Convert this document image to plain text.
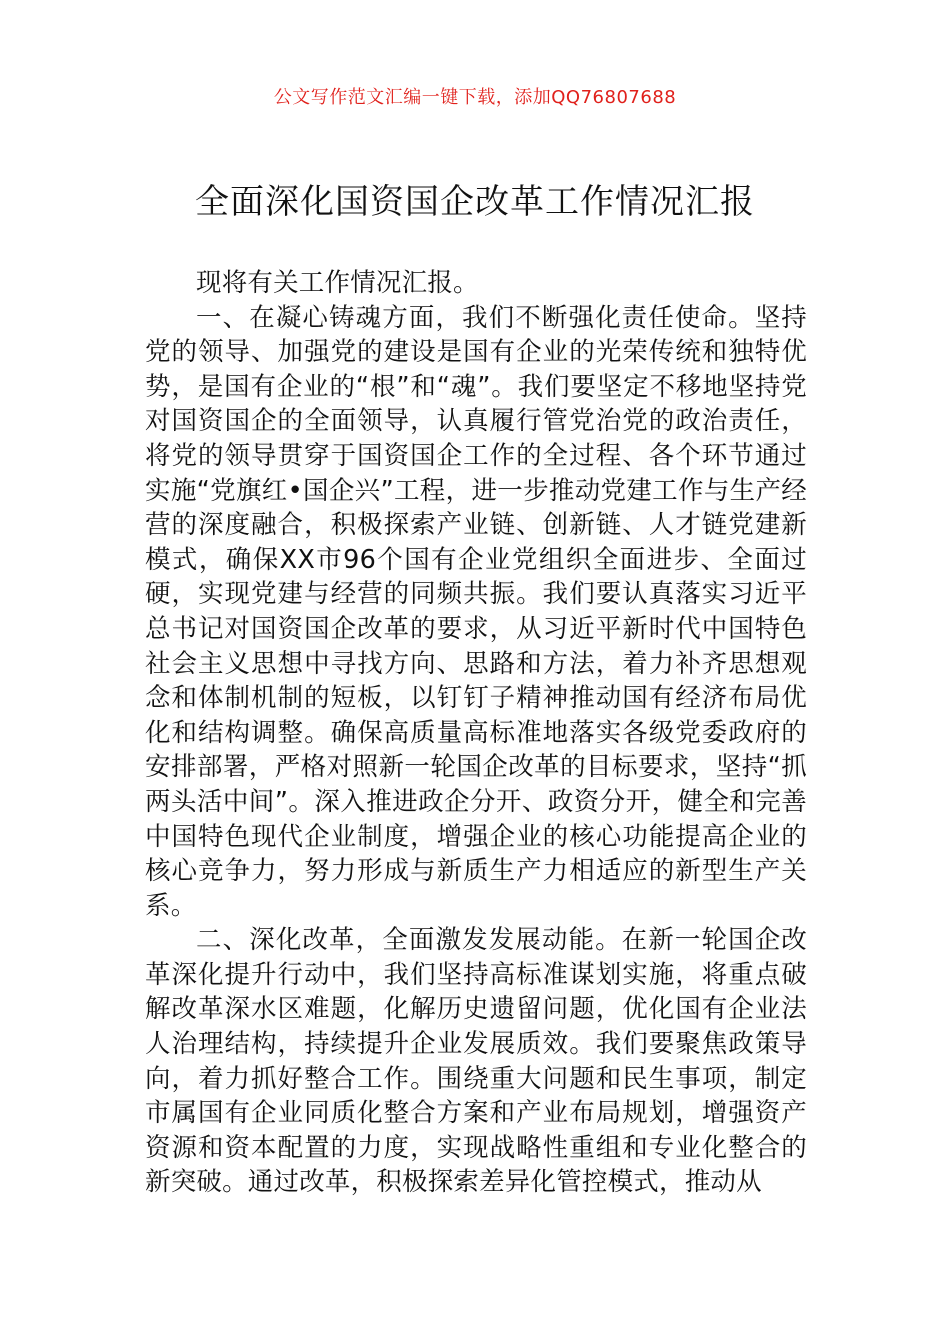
公文写作范文汇编一键下载，添加QQ76807688
全面深化国资国企改革工作情况汇报

现将有关工作情况汇报。

一、在凝心铸魂方面，我们不断强化责任使命。坚持党的领导、加强党的建设是国有企业的光荣传统和独特优势，是国有企业的“根”和“魂”。我们要坚定不移地坚持党对国资国企的全面领导，认真履行管党治党的政治责任，将党的领导贯穿于国资国企工作的全过程、各个环节通过实施“党旗红•国企兴”工程，进一步推动党建工作与生产经营的深度融合，积极探索产业链、创新链、人才链党建新模式，确保XX市96个国有企业党组织全面进步、全面过硬，实现党建与经营的同频共振。我们要认真落实习近平总书记对国资国企改革的要求，从习近平新时代中国特色社会主义思想中寻找方向、思路和方法，着力补齐思想观念和体制机制的短板，以钉钉子精神推动国有经济布局优化和结构调整。确保高质量高标准地落实各级党委政府的安排部署，严格对照新一轮国企改革的目标要求，坚持“抓两头活中间”。深入推进政企分开、政资分开，健全和完善中国特色现代企业制度，增强企业的核心功能提高企业的核心竞争力，努力形成与新质生产力相适应的新型生产关系。

二、深化改革，全面激发发展动能。在新一轮国企改革深化提升行动中，我们坚持高标准谋划实施，将重点破解改革深水区难题，化解历史遗留问题，优化国有企业法人治理结构，持续提升企业发展质效。我们要聚焦政策导向，着力抓好整合工作。围绕重大问题和民生事项，制定市属国有企业同质化整合方案和产业布局规划，增强资产资源和资本配置的力度，实现战略性重组和专业化整合的新突破。通过改革，积极探索差异化管控模式，推动从
